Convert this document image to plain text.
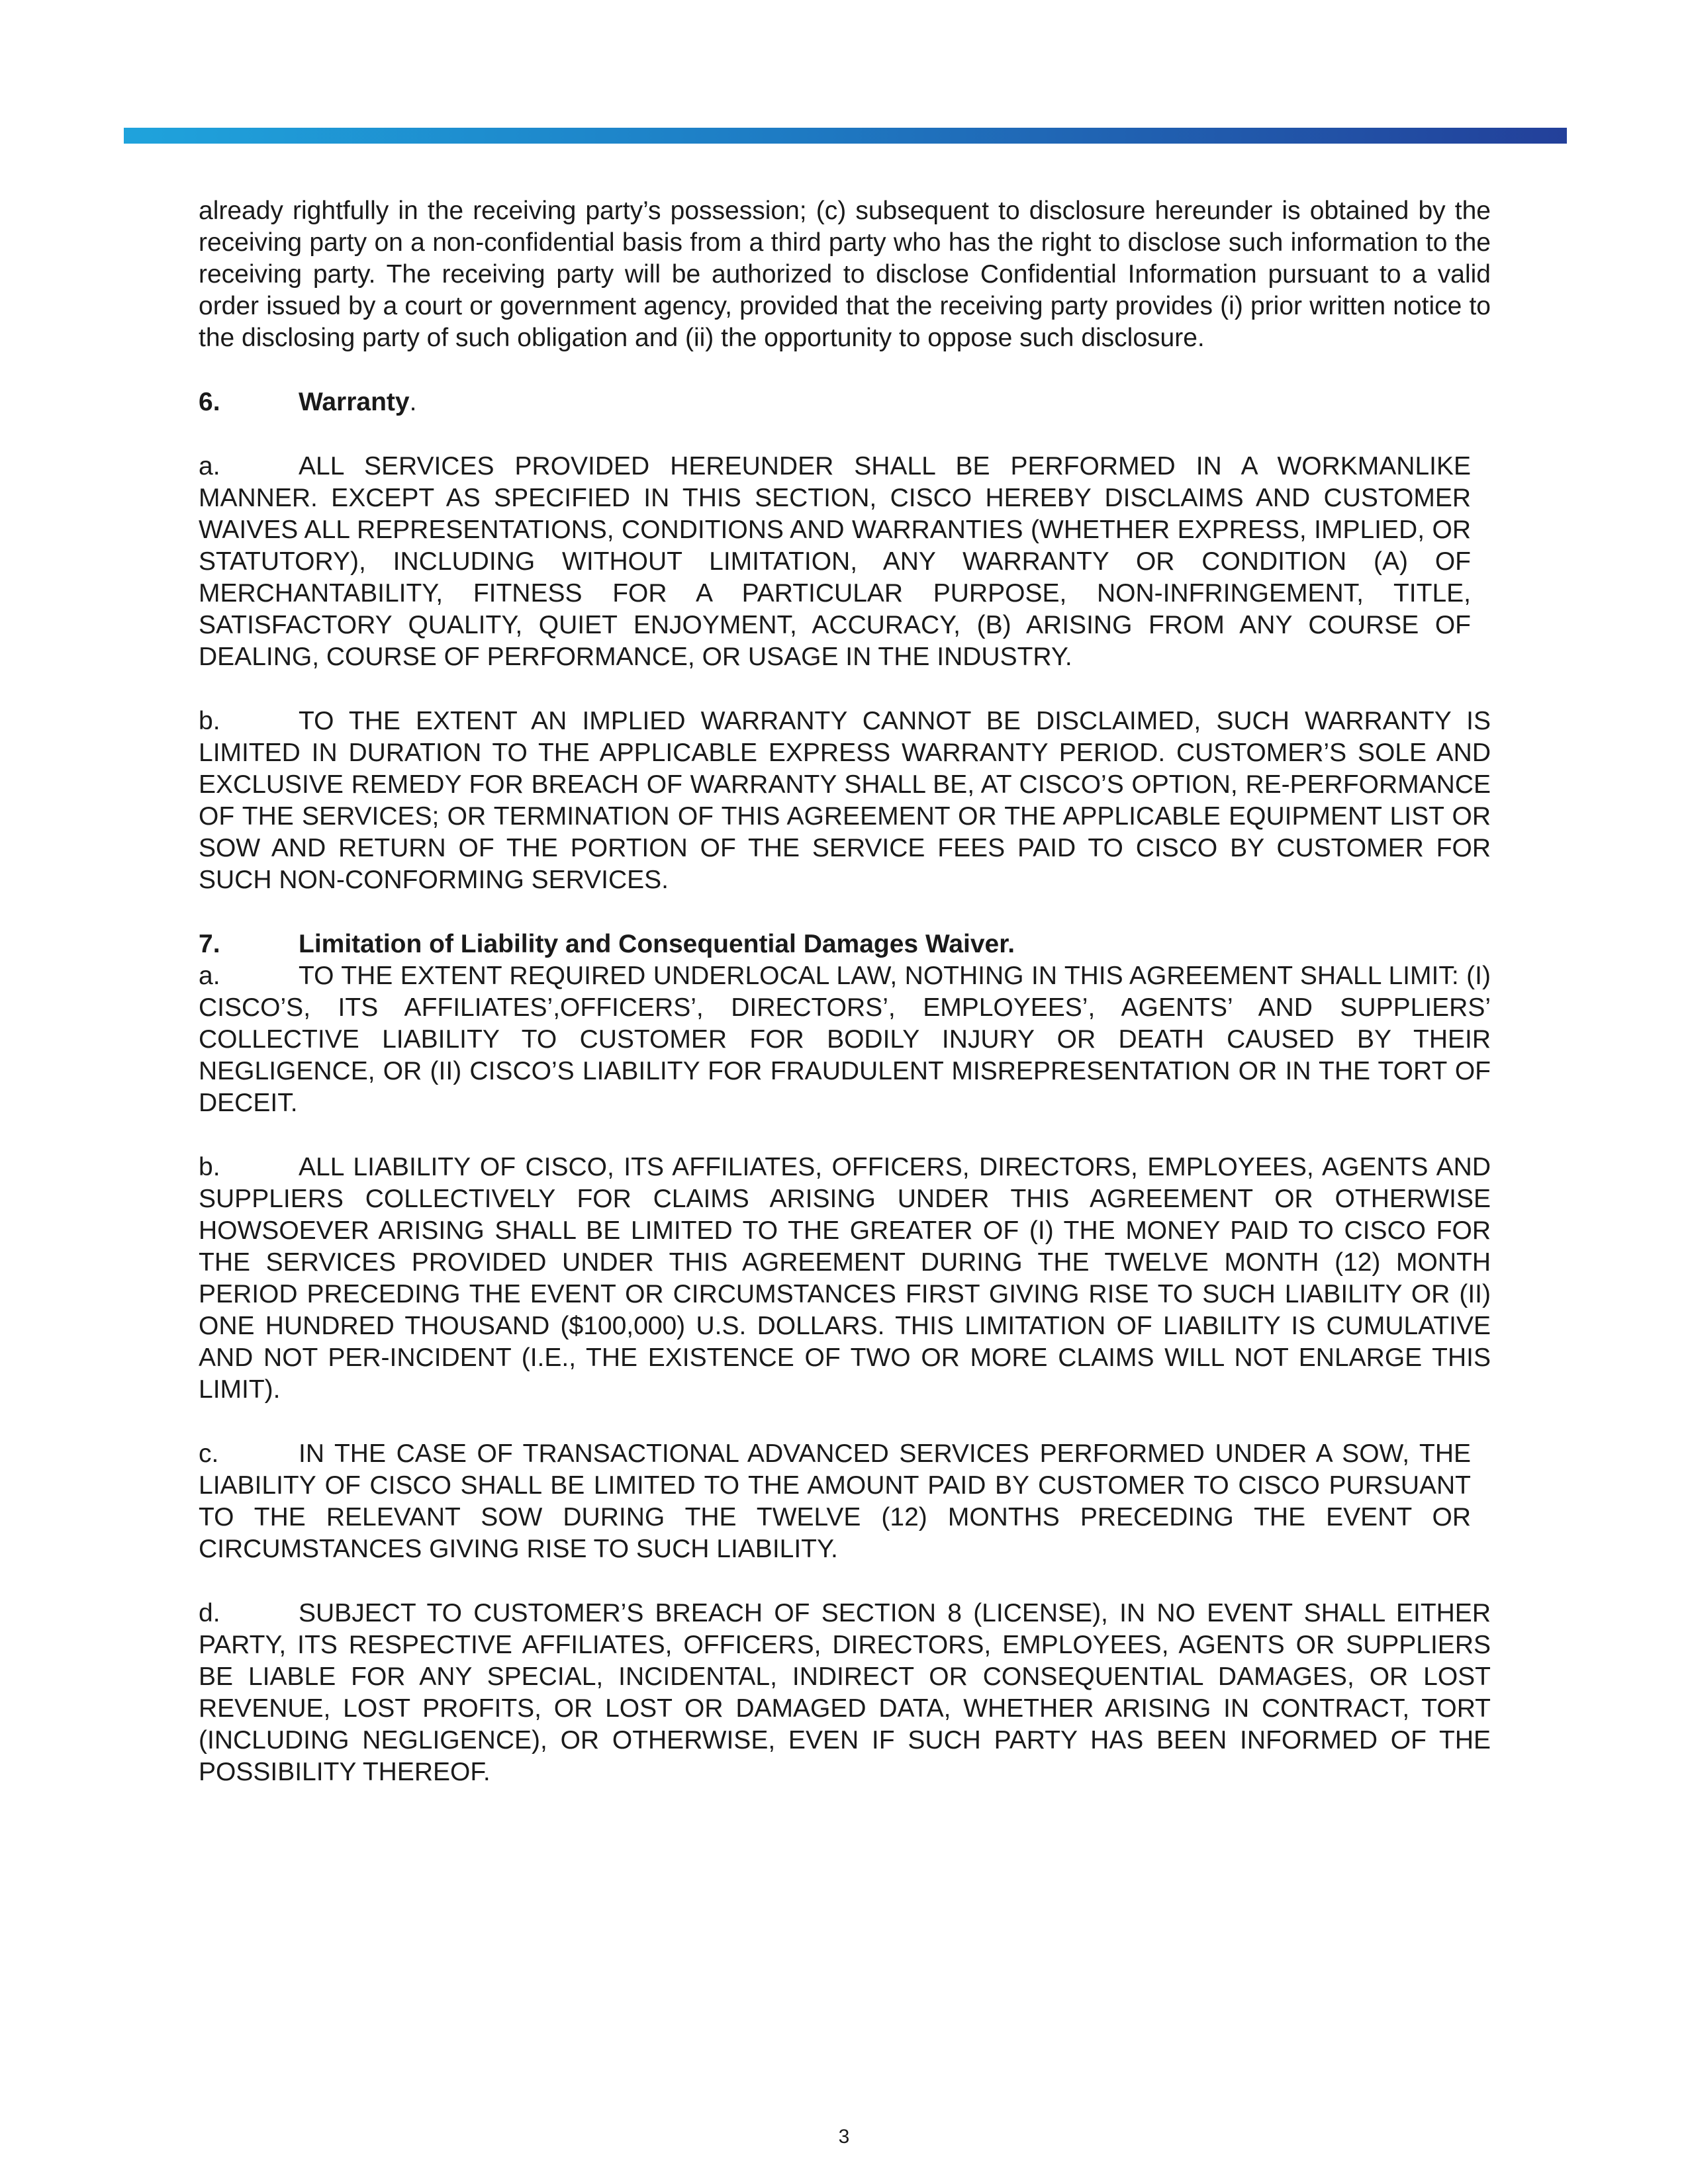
already rightfully in the receiving party’s possession; (c) subsequent to disclosure hereunder is obtained by the receiving party on a non-confidential basis from a third party who has the right to disclose such information to the receiving party. The receiving party will be authorized to disclose Confidential Information pursuant to a valid order issued by a court or government agency, provided that the receiving party provides (i) prior written notice to the disclosing party of such obligation and (ii) the opportunity to oppose such disclosure.

6.	Warranty.

a.	ALL SERVICES PROVIDED HEREUNDER SHALL BE PERFORMED IN A WORKMANLIKE MANNER. EXCEPT AS SPECIFIED IN THIS SECTION, CISCO HEREBY DISCLAIMS AND CUSTOMER WAIVES ALL REPRESENTATIONS, CONDITIONS AND WARRANTIES (WHETHER EXPRESS, IMPLIED, OR STATUTORY), INCLUDING WITHOUT LIMITATION, ANY WARRANTY OR CONDITION (A) OF MERCHANTABILITY, FITNESS FOR A PARTICULAR PURPOSE, NON-INFRINGEMENT, TITLE, SATISFACTORY QUALITY, QUIET ENJOYMENT, ACCURACY, (B) ARISING FROM ANY COURSE OF DEALING, COURSE OF PERFORMANCE, OR USAGE IN THE INDUSTRY.

b.	TO THE EXTENT AN IMPLIED WARRANTY CANNOT BE DISCLAIMED, SUCH WARRANTY IS LIMITED IN DURATION TO THE APPLICABLE EXPRESS WARRANTY PERIOD. CUSTOMER’S SOLE AND EXCLUSIVE REMEDY FOR BREACH OF WARRANTY SHALL BE, AT CISCO’S OPTION, RE-PERFORMANCE OF THE SERVICES; OR TERMINATION OF THIS AGREEMENT OR THE APPLICABLE EQUIPMENT LIST OR SOW AND RETURN OF THE PORTION OF THE SERVICE FEES PAID TO CISCO BY CUSTOMER FOR SUCH NON-CONFORMING SERVICES.

7.	Limitation of Liability and Consequential Damages Waiver.

a.	TO THE EXTENT REQUIRED UNDERLOCAL LAW, NOTHING IN THIS AGREEMENT SHALL LIMIT: (I) CISCO’S, ITS AFFILIATES’,OFFICERS’, DIRECTORS’, EMPLOYEES’, AGENTS’ AND SUPPLIERS’ COLLECTIVE LIABILITY TO CUSTOMER FOR BODILY INJURY OR DEATH CAUSED BY THEIR NEGLIGENCE, OR (II) CISCO’S LIABILITY FOR FRAUDULENT MISREPRESENTATION OR IN THE TORT OF DECEIT.

b.	ALL LIABILITY OF CISCO, ITS AFFILIATES, OFFICERS, DIRECTORS, EMPLOYEES, AGENTS AND SUPPLIERS COLLECTIVELY FOR CLAIMS ARISING UNDER THIS AGREEMENT OR OTHERWISE HOWSOEVER ARISING SHALL BE LIMITED TO THE GREATER OF (I) THE MONEY PAID TO CISCO FOR THE SERVICES PROVIDED UNDER THIS AGREEMENT DURING THE TWELVE MONTH (12) MONTH PERIOD PRECEDING THE EVENT OR CIRCUMSTANCES FIRST GIVING RISE TO SUCH LIABILITY OR (II) ONE HUNDRED THOUSAND ($100,000) U.S. DOLLARS. THIS LIMITATION OF LIABILITY IS CUMULATIVE AND NOT PER-INCIDENT (I.E., THE EXISTENCE OF TWO OR MORE CLAIMS WILL NOT ENLARGE THIS LIMIT).

c.	IN THE CASE OF TRANSACTIONAL ADVANCED SERVICES PERFORMED UNDER A SOW, THE LIABILITY OF CISCO SHALL BE LIMITED TO THE AMOUNT PAID BY CUSTOMER TO CISCO PURSUANT TO THE RELEVANT SOW DURING THE TWELVE (12) MONTHS PRECEDING THE EVENT OR CIRCUMSTANCES GIVING RISE TO SUCH LIABILITY.

d.	SUBJECT TO CUSTOMER’S BREACH OF SECTION 8 (LICENSE), IN NO EVENT SHALL EITHER PARTY, ITS RESPECTIVE AFFILIATES, OFFICERS, DIRECTORS, EMPLOYEES, AGENTS OR SUPPLIERS BE LIABLE FOR ANY SPECIAL, INCIDENTAL, INDIRECT OR CONSEQUENTIAL DAMAGES, OR LOST REVENUE, LOST PROFITS, OR LOST OR DAMAGED DATA, WHETHER ARISING IN CONTRACT, TORT (INCLUDING NEGLIGENCE), OR OTHERWISE, EVEN IF SUCH PARTY HAS BEEN INFORMED OF THE POSSIBILITY THEREOF.

3
